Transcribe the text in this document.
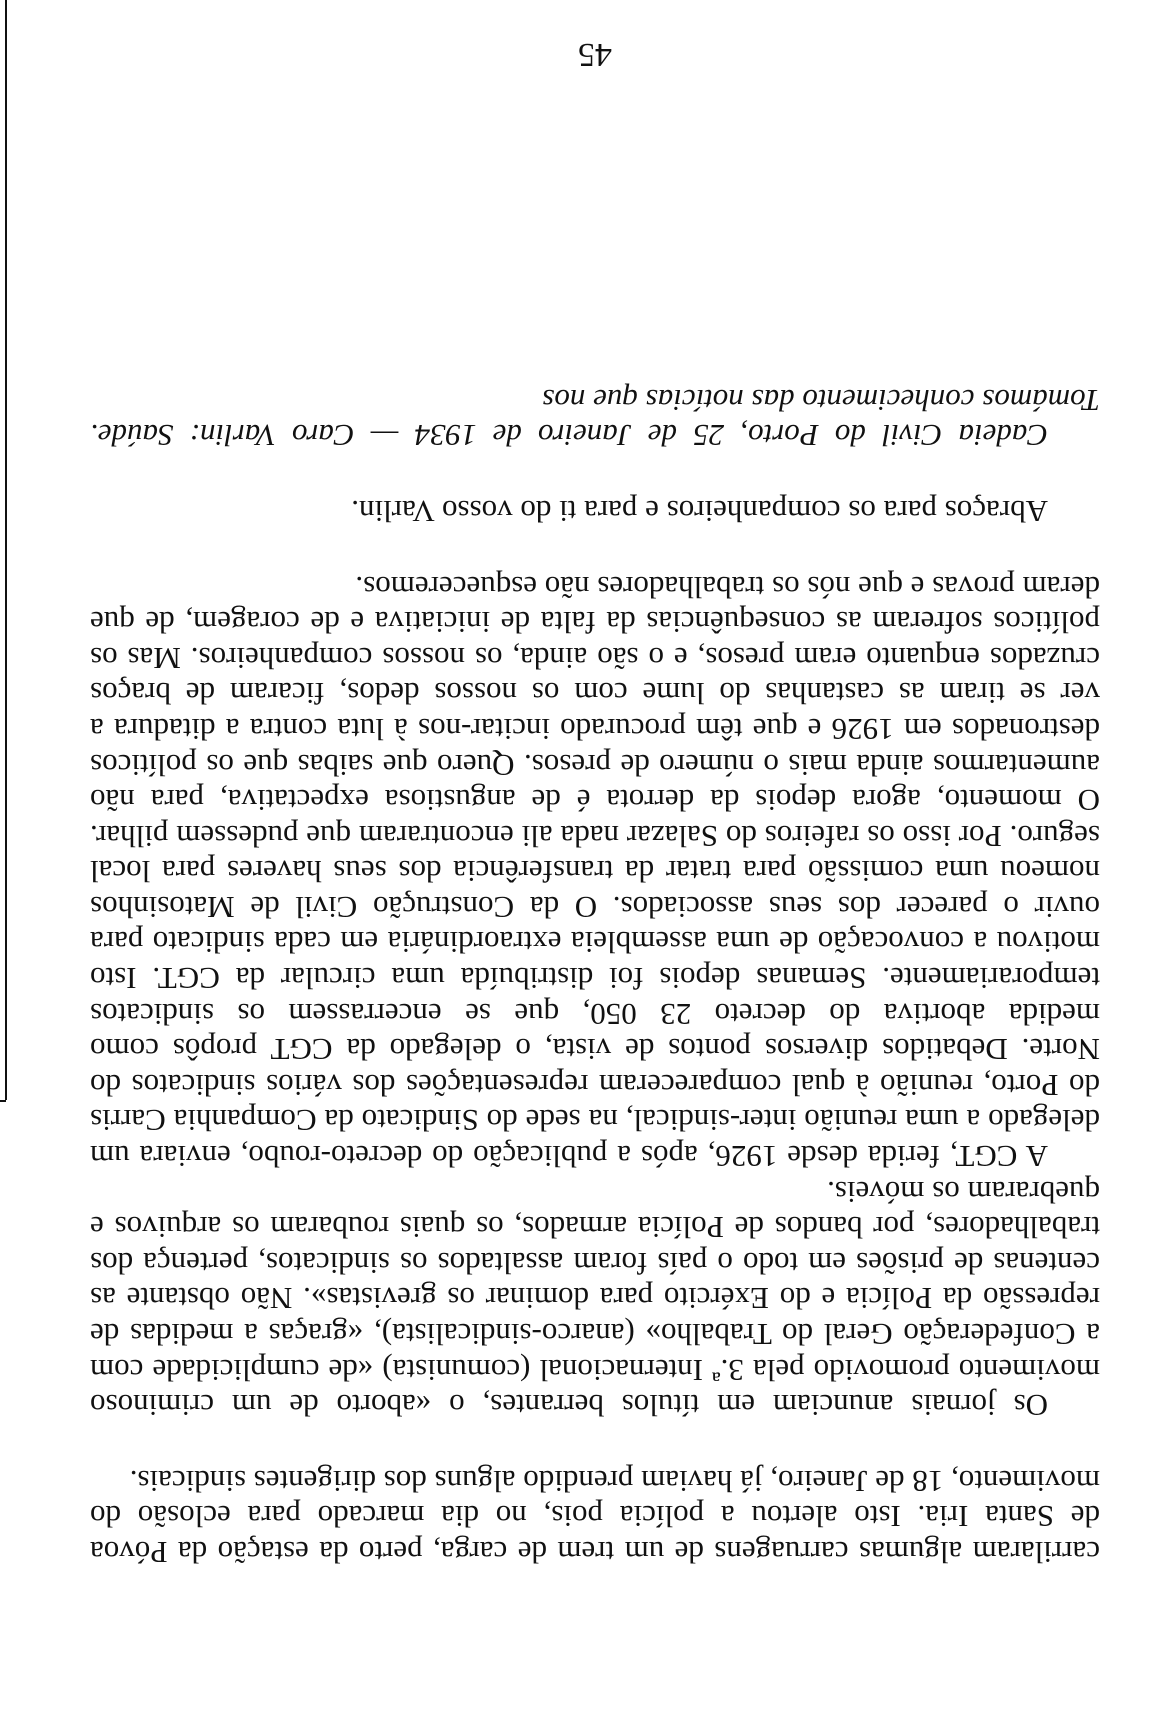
carrilaram algumas carruagens de um trem de carga, perto da estação da Póvoa de Santa Iria. Isto alertou a polícia pois, no dia marcado para eclosão do movimento, 18 de Janeiro, já haviam prendido alguns dos dirigentes sindicais.

Os jornais anunciam em títulos berrantes, o «aborto de um criminoso movimento promovido pela 3.ª Internacional (comunista) «de cumplicidade com a Confederação Geral do Trabalho» (anarco-sindicalista), «graças a medidas de repressão da Polícia e do Exército para dominar os grevistas». Não obstante as centenas de prisões em todo o país foram assaltados os sindicatos, pertença dos trabalhadores, por bandos de Polícia armados, os quais roubaram os arquivos e quebraram os móveis.

A CGT, ferida desde 1926, após a publicação do decreto-roubo, enviara um delegado a uma reunião inter-sindical, na sede do Sindicato da Companhia Carris do Porto, reunião à qual compareceram representações dos vários sindicatos do Norte. Debatidos diversos pontos de vista, o delegado da CGT propôs como medida abortiva do decreto 23 050, que se encerrassem os sindicatos temporariamente. Semanas depois foi distribuída uma circular da CGT. Isto motivou a convocação de uma assembleia extraordinária em cada sindicato para ouvir o parecer dos seus associados. O da Construção Civil de Matosinhos nomeou uma comissão para tratar da transferência dos seus haveres para local seguro. Por isso os rafeiros do Salazar nada ali encontraram que pudessem pilhar. O momento, agora depois da derrota é de angustiosa expectativa, para não aumentarmos ainda mais o número de presos. Quero que saibas que os políticos destronados em 1926 e que têm procurado incitar-nos à luta contra a ditadura a ver se tiram as castanhas do lume com os nossos dedos, ficaram de braços cruzados enquanto eram presos, e o são ainda, os nossos companheiros. Mas os políticos sofreram as consequências da falta de iniciativa e de coragem, de que deram provas e que nós os trabalhadores não esqueceremos.

Abraços para os companheiros e para ti do vosso Varlin.

Cadeia Civil do Porto, 25 de Janeiro de 1934 — Caro Varlin: Saúde. Tomámos conhecimento das notícias que nos

45
